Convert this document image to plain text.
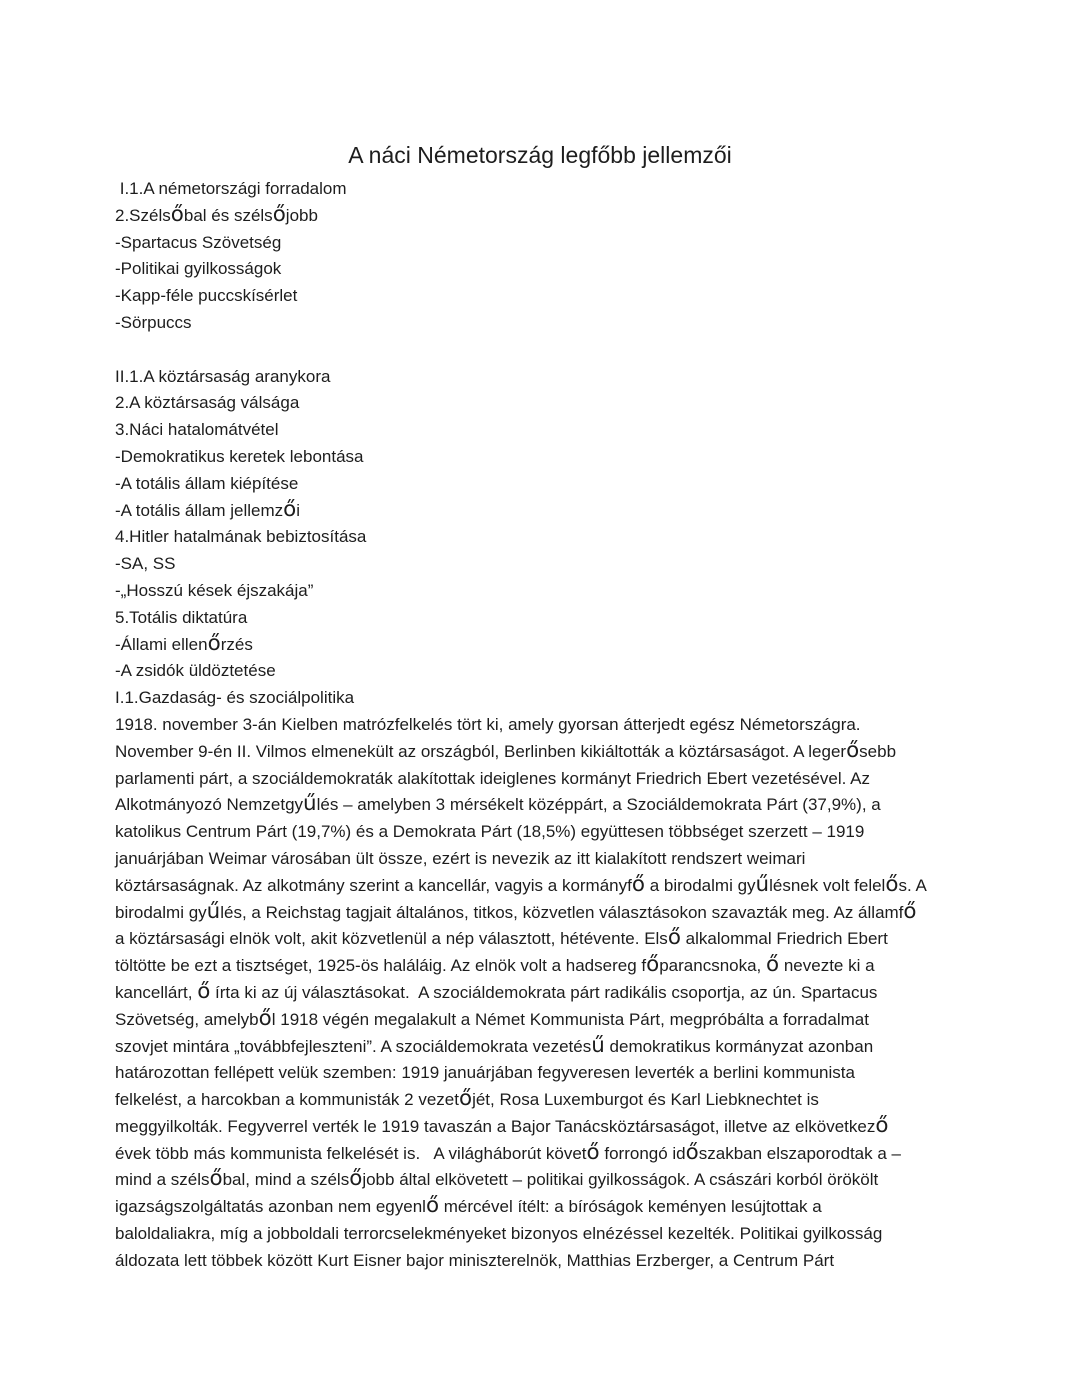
A náci Németország legfőbb jellemzői
I.1.A németországi forradalom
2.Szélsőbal és szélsőjobb
-Spartacus Szövetség
-Politikai gyilkosságok
-Kapp-féle puccskísérlet
-Sörpuccs
II.1.A köztársaság aranykora
2.A köztársaság válsága
3.Náci hatalomátvétel
-Demokratikus keretek lebontása
-A totális állam kiépítése
-A totális állam jellemzői
4.Hitler hatalmának bebiztosítása
-SA, SS
-„Hosszú kések éjszakája”
5.Totális diktatúra
-Állami ellenőrzés
-A zsidók üldöztetése
I.1.Gazdaság- és szociálpolitika
1918. november 3-án Kielben matrózfelkelés tört ki, amely gyorsan átterjedt egész Németországra.
November 9-én II. Vilmos elmenekült az országból, Berlinben kikiáltották a köztársaságot. A legerősebb
parlamenti párt, a szociáldemokraták alakítottak ideiglenes kormányt Friedrich Ebert vezetésével. Az
Alkotmányozó Nemzetgyűlés – amelyben 3 mérsékelt középpárt, a Szociáldemokrata Párt (37,9%), a
katolikus Centrum Párt (19,7%) és a Demokrata Párt (18,5%) együttesen többséget szerzett – 1919
januárjában Weimar városában ült össze, ezért is nevezik az itt kialakított rendszert weimari
köztársaságnak. Az alkotmány szerint a kancellár, vagyis a kormányfő a birodalmi gyűlésnek volt felelős. A
birodalmi gyűlés, a Reichstag tagjait általános, titkos, közvetlen választásokon szavazták meg. Az államfő
a köztársasági elnök volt, akit közvetlenül a nép választott, hétévente. Első alkalommal Friedrich Ebert
töltötte be ezt a tisztséget, 1925-ös haláláig. Az elnök volt a hadsereg főparancsnoka, ő nevezte ki a
kancellárt, ő írta ki az új választásokat.  A szociáldemokrata párt radikális csoportja, az ún. Spartacus
Szövetség, amelyből 1918 végén megalakult a Német Kommunista Párt, megpróbálta a forradalmat
szovjet mintára „továbbfejleszteni”. A szociáldemokrata vezetésű demokratikus kormányzat azonban
határozottan fellépett velük szemben: 1919 januárjában fegyveresen leverték a berlini kommunista
felkelést, a harcokban a kommunisták 2 vezetőjét, Rosa Luxemburgot és Karl Liebknechtet is
meggyilkolták. Fegyverrel verték le 1919 tavaszán a Bajor Tanácsköztársaságot, illetve az elkövetkező
évek több más kommunista felkelését is.   A világháborút követő forrongó időszakban elszaporodtak a –
mind a szélsőbal, mind a szélsőjobb által elkövetett – politikai gyilkosságok. A császári korból örökölt
igazságszolgáltatás azonban nem egyenlő mércével ítélt: a bíróságok keményen lesújtottak a
baloldaliakra, míg a jobboldali terrorcselekményeket bizonyos elnézéssel kezelték. Politikai gyilkosság
áldozata lett többek között Kurt Eisner bajor miniszterelnök, Matthias Erzberger, a Centrum Párt
